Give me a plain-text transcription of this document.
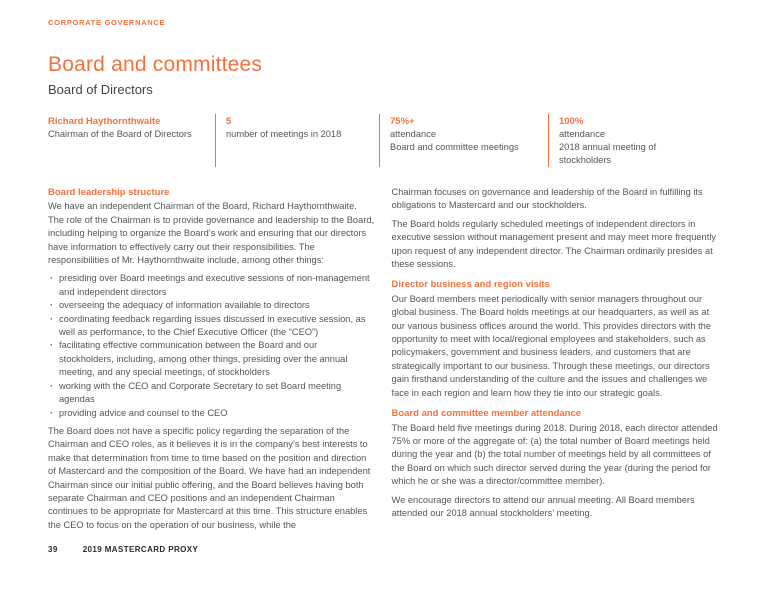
CORPORATE GOVERNANCE
Board and committees
Board of Directors
Richard Haythornthwaite
Chairman of the Board of Directors
5
number of meetings in 2018
75%+
attendance
Board and committee meetings
100%
attendance
2018 annual meeting of stockholders
Board leadership structure

We have an independent Chairman of the Board, Richard Haythornthwaite. The role of the Chairman is to provide governance and leadership to the Board, including helping to organize the Board’s work and ensuring that our directors have information to effectively carry out their responsibilities. The responsibilities of Mr. Haythornthwaite include, among other things:

· presiding over Board meetings and executive sessions of non-management and independent directors
· overseeing the adequacy of information available to directors
· coordinating feedback regarding issues discussed in executive session, as well as performance, to the Chief Executive Officer (the “CEO”)
· facilitating effective communication between the Board and our stockholders, including, among other things, presiding over the annual meeting, and any special meetings, of stockholders
· working with the CEO and Corporate Secretary to set Board meeting agendas
· providing advice and counsel to the CEO

The Board does not have a specific policy regarding the separation of the Chairman and CEO roles, as it believes it is in the company’s best interests to make that determination from time to time based on the position and direction of Mastercard and the composition of the Board. We have had an independent Chairman since our initial public offering, and the Board believes having both separate Chairman and CEO positions and an independent Chairman continues to be appropriate for Mastercard at this time. This structure enables the CEO to focus on the operation of our business, while the

Chairman focuses on governance and leadership of the Board in fulfilling its obligations to Mastercard and our stockholders.

The Board holds regularly scheduled meetings of independent directors in executive session without management present and may meet more frequently upon request of any independent director. The Chairman ordinarily presides at these sessions.

Director business and region visits

Our Board members meet periodically with senior managers throughout our global business. The Board holds meetings at our headquarters, as well as at our various business offices around the world. This provides directors with the opportunity to meet with local/regional employees and stakeholders, such as policymakers, government and business leaders, and customers that are strategically important to our business. Through these meetings, our directors gain firsthand understanding of the culture and the issues and challenges we face in each region and learn how they tie into our strategic goals.

Board and committee member attendance

The Board held five meetings during 2018. During 2018, each director attended 75% or more of the aggregate of: (a) the total number of Board meetings held during the year and (b) the total number of meetings held by all committees of the Board on which such director served during the year (during the period for which he or she was a director/committee member).

We encourage directors to attend our annual meeting. All Board members attended our 2018 annual stockholders’ meeting.

39	2019 MASTERCARD PROXY
